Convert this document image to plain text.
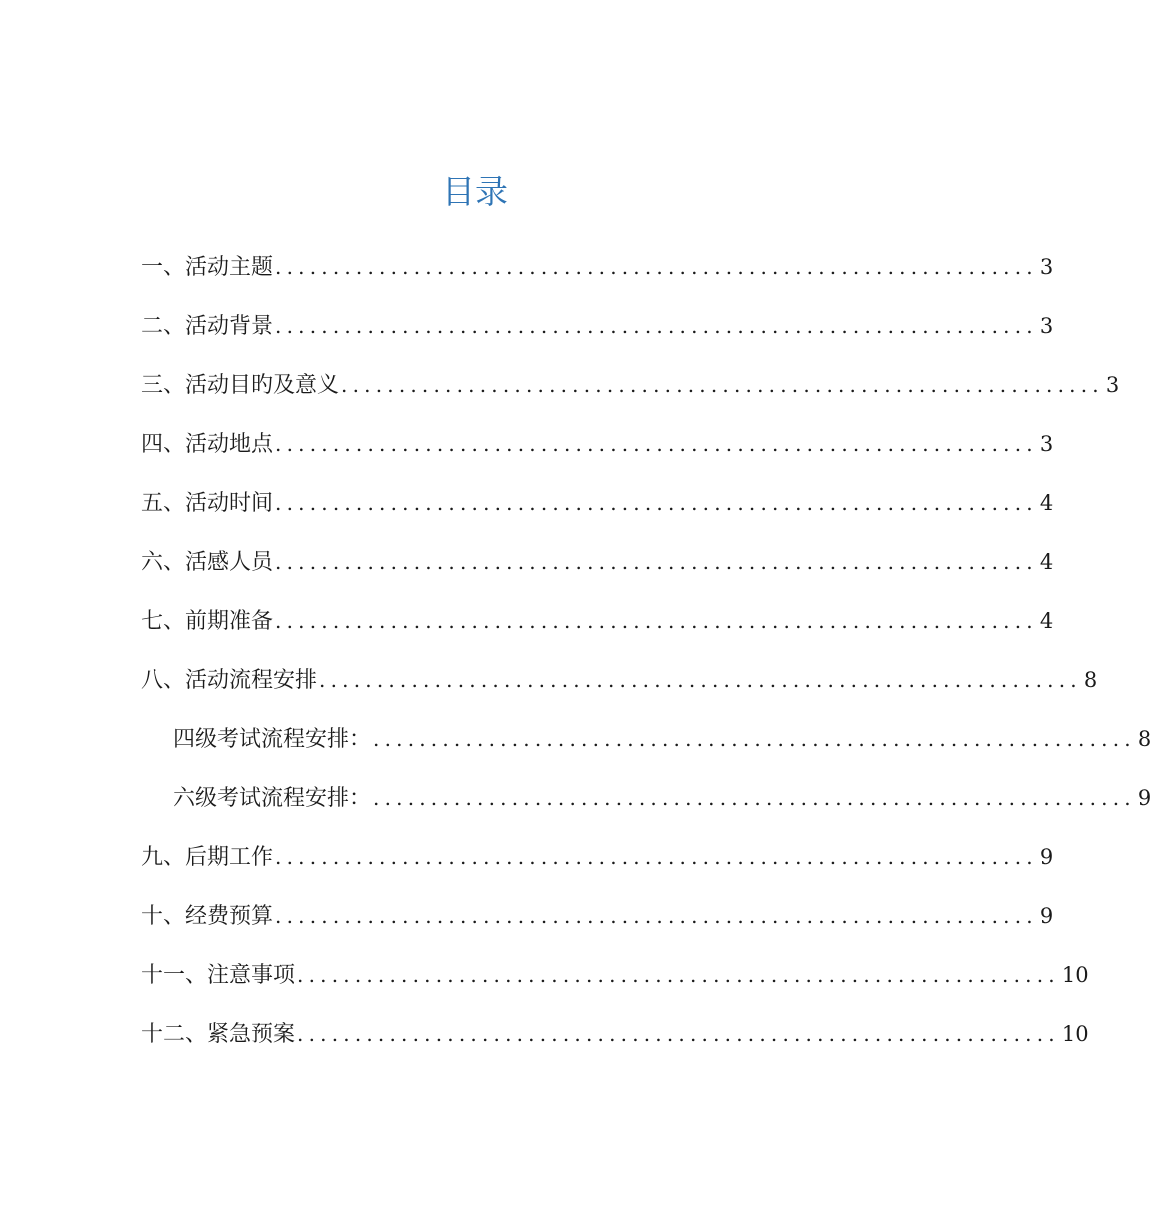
目录
一、 活动主题 .................................................................. 3
二、 活动背景 .................................................................. 3
三、 活动目旳及意义 .................................................................. 3
四、 活动地点 .................................................................. 3
五、 活动时间 .................................................................. 4
六、 活感人员 .................................................................. 4
七、 前期准备 .................................................................. 4
八、 活动流程安排 .................................................................. 8
四级考试流程安排： .................................................................. 8
六级考试流程安排： .................................................................. 9
九、 后期工作 .................................................................. 9
十、 经费预算 .................................................................. 9
十一、 注意事项 .................................................................. 10
十二、 紧急预案 .................................................................. 10
